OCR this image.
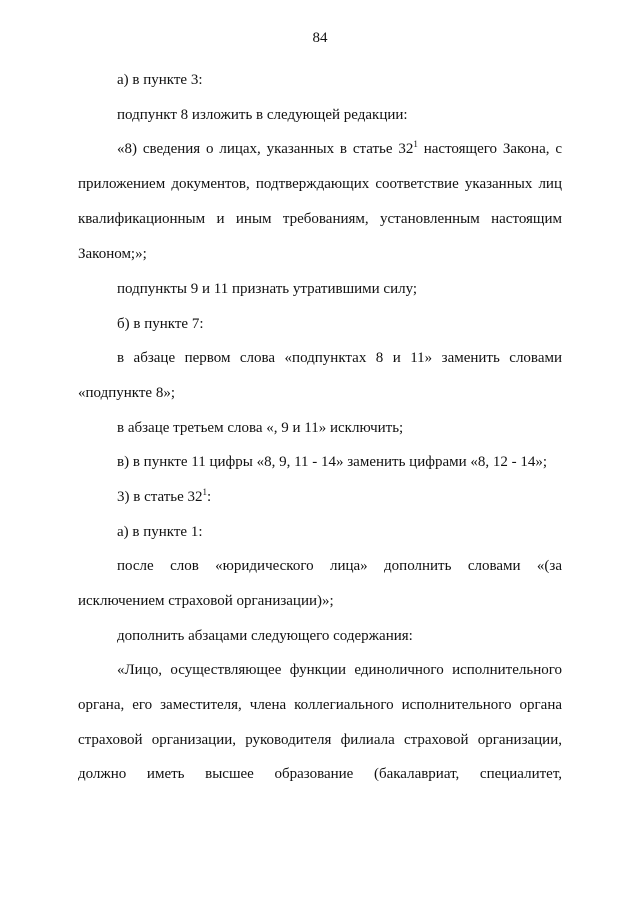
84
а) в пункте 3:
подпункт 8 изложить в следующей редакции:
«8) сведения о лицах, указанных в статье $32^1$ настоящего Закона, с
приложением документов, подтверждающих соответствие указанных лиц
квалификационным и иным требованиям, установленным настоящим
Законом;»;
подпункты 9 и 11 признать утратившими силу;
б) в пункте 7:
в абзаце первом слова «подпунктах 8 и 11» заменить словами
«подпункте 8»;
в абзаце третьем слова «, 9 и 11» исключить;
в) в пункте 11 цифры «8, 9, 11 - 14» заменить цифрами «8, 12 - 14»;
3) в статье $32^1$:
а) в пункте 1:
после слов «юридического лица» дополнить словами «(за
исключением страховой организации)»;
дополнить абзацами следующего содержания:
«Лицо, осуществляющее функции единоличного исполнительного
органа, его заместителя, члена коллегиального исполнительного органа
страховой организации, руководителя филиала страховой организации,
должно иметь высшее образование (бакалавриат, специалитет,
